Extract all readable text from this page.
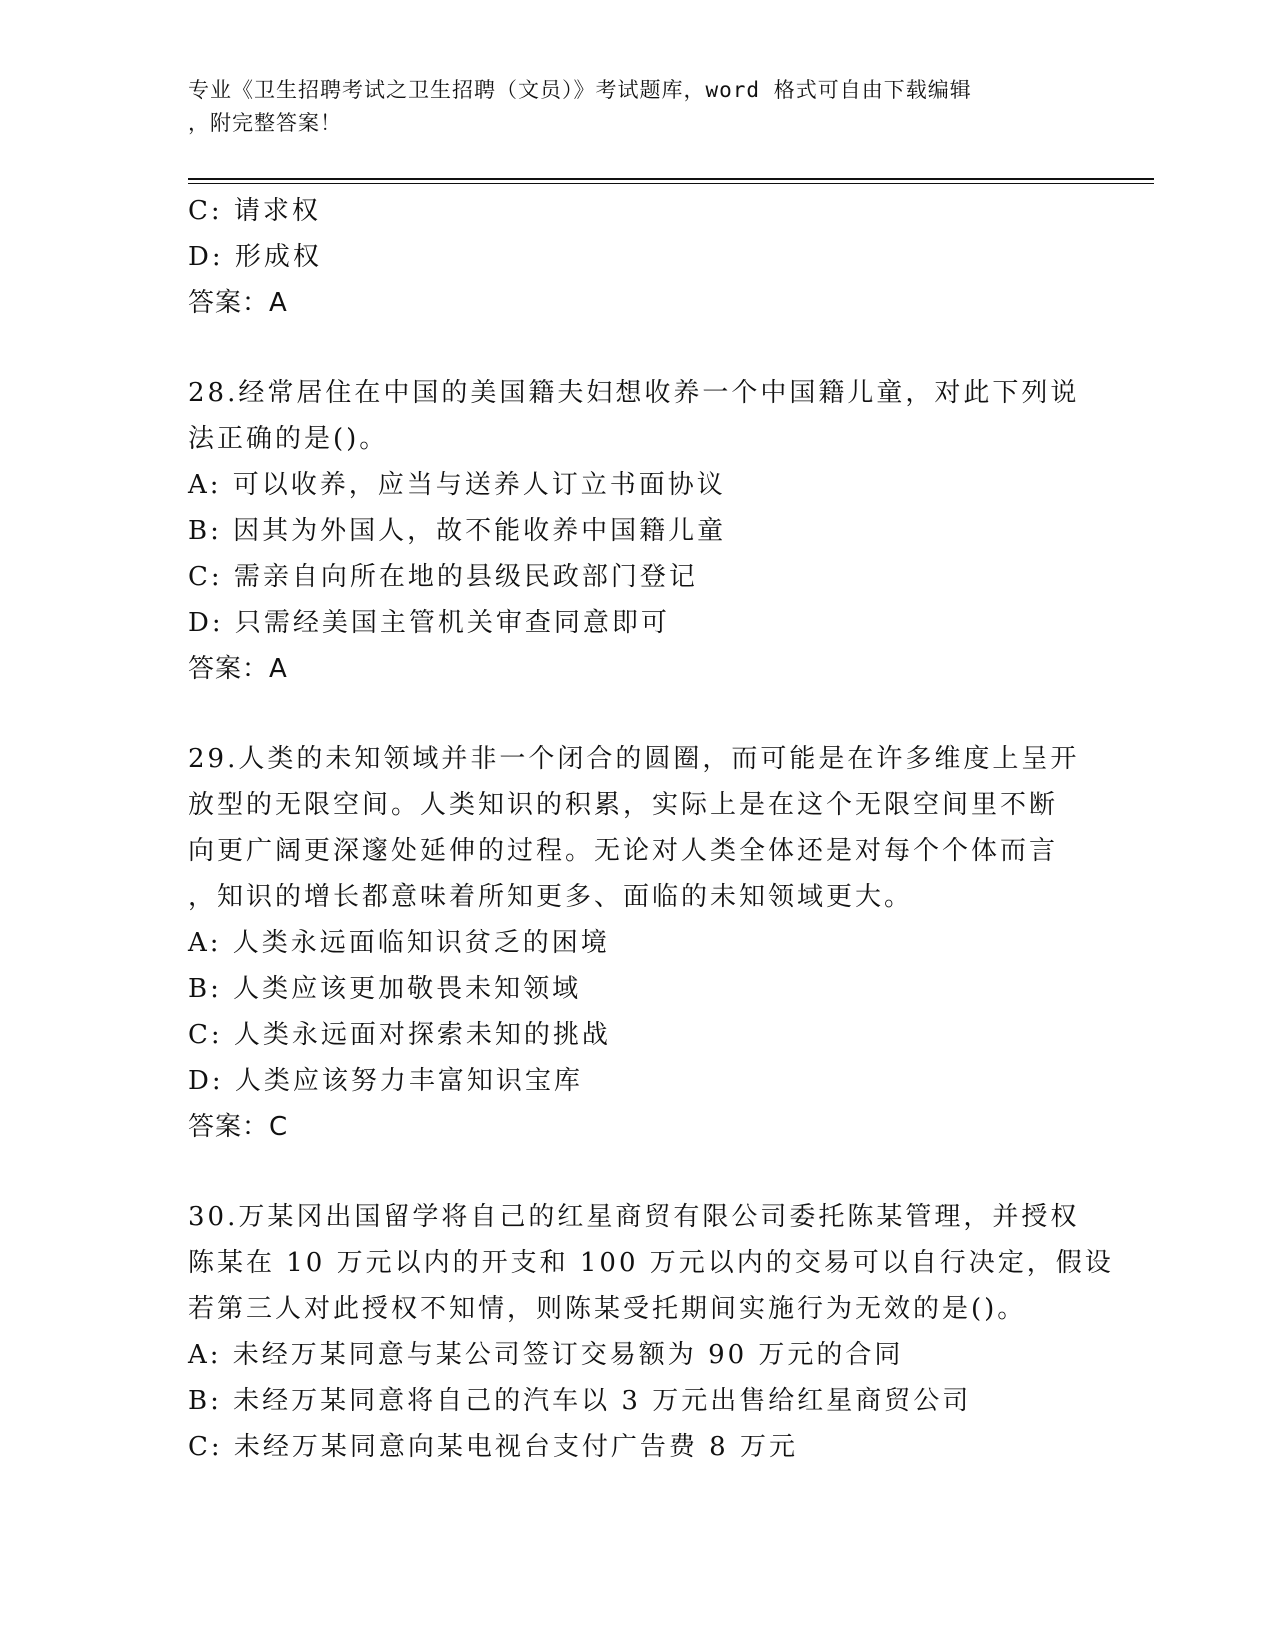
专业《卫生招聘考试之卫生招聘（文员）》考试题库，word 格式可自由下载编辑
，附完整答案！
C: 请求权
D: 形成权
答案：A
28.经常居住在中国的美国籍夫妇想收养一个中国籍儿童，对此下列说
法正确的是()。
A: 可以收养，应当与送养人订立书面协议
B: 因其为外国人，故不能收养中国籍儿童
C: 需亲自向所在地的县级民政部门登记
D: 只需经美国主管机关审查同意即可
答案：A
29.人类的未知领域并非一个闭合的圆圈，而可能是在许多维度上呈开
放型的无限空间。人类知识的积累，实际上是在这个无限空间里不断
向更广阔更深邃处延伸的过程。无论对人类全体还是对每个个体而言
，知识的增长都意味着所知更多、面临的未知领域更大。
A: 人类永远面临知识贫乏的困境
B: 人类应该更加敬畏未知领域
C: 人类永远面对探索未知的挑战
D: 人类应该努力丰富知识宝库
答案：C
30.万某冈出国留学将自己的红星商贸有限公司委托陈某管理，并授权
陈某在 10 万元以内的开支和 100 万元以内的交易可以自行决定，假设
若第三人对此授权不知情，则陈某受托期间实施行为无效的是()。
A: 未经万某同意与某公司签订交易额为 90 万元的合同
B: 未经万某同意将自己的汽车以 3 万元出售给红星商贸公司
C: 未经万某同意向某电视台支付广告费 8 万元
